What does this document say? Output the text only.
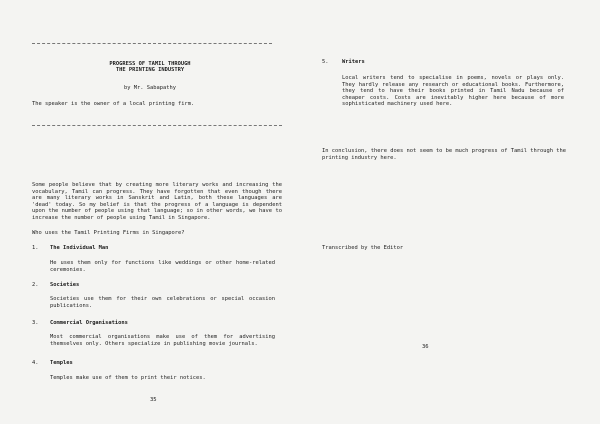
PROGRESS OF TAMIL THROUGH
THE PRINTING INDUSTRY
by Mr. Sabapathy
The speaker is the owner of a local printing firm.
Some people believe that by creating more literary works and increasing the vocabulary, Tamil can progress. They have forgotten that even though there are many literary works in Sanskrit and Latin, both these languages are 'dead' today. So my belief is that the progress of a language is dependent upon the number of people using that language; so in other words, we have to increase the number of people using Tamil in Singapore.
Who uses the Tamil Printing Firms in Singapore?
1. The Individual Man
He uses them only for functions like weddings or other home-related ceremonies.
2. Societies
Societies use them for their own celebrations or special occasion publications.
3. Commercial Organisations
Most commercial organisations make use of them for advertising themselves only. Others specialize in publishing movie journals.
4. Temples
Temples make use of them to print their notices.
35
5.	Writers
Local writers tend to specialise in poems, novels or plays only. They hardly release any research or educational books. Furthermore, they tend to have their books printed in Tamil Nadu because of cheaper costs. Costs are inevitably higher here because of more sophisticated machinery used here.
In conclusion, there does not seem to be much progress of Tamil through the printing industry here.
Transcribed by the Editor
36
